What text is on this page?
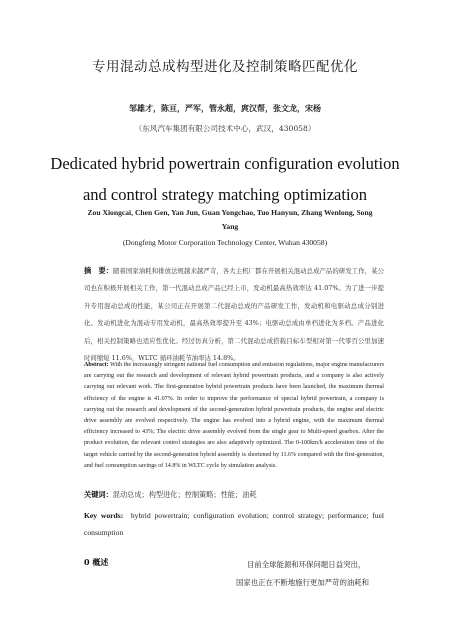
专用混动总成构型进化及控制策略匹配优化
邹雄才，陈亘，严军，管永超，庹汉帮，张文龙，宋杨
（东风汽车集团有限公司技术中心，武汉，430058）
Dedicated hybrid powertrain configuration evolution and control strategy matching optimization
Zou Xiongcai, Chen Gen, Yan Jun, Guan Yongchao, Tuo Hanyun, Zhang Wenlong, Song Yang
(Dongfeng Motor Corporation Technology Center, Wuhan 430058)
摘　要：随着国家油耗和排放法规越来越严苛，各大主机厂都在开展相关混动总成产品的研发工作，某公司也在积极开展相关工作，第一代混动总成产品已经上市，发动机最高热效率达 41.07%。为了进一步提升专用混动总成的性能，某公司正在开展第二代混动总成的产品研发工作，发动机和电驱动总成分别进化。发动机进化为混动专用发动机，最高热效率提升至 43%；电驱动总成由单档进化为多档。产品进化后，相关控制策略也适应性优化。经过仿真分析，第二代混动总成搭载目标车型相对第一代零百公里加速时间缩短 11.6%，WLTC 循环油耗节油率达 14.8%。
Abstract: With the increasingly stringent national fuel consumption and emission regulations, major engine manufacturers are carrying out the research and development of relevant hybrid powertrain products, and a company is also actively carrying out relevant work. The first-generation hybrid powertrain products have been launched, the maximum thermal efficiency of the engine is 41.07%. In order to improve the performance of special hybrid powertrain, a company is carrying out the research and development of the second-generation hybrid powertrain products, the engine and electric drive assembly are evolved respectively. The engine has evolved into a hybrid engine, with the maximum thermal efficiency increased to 43%; The electric drive assembly evolved from the single gear to Multi-speed gearbox. After the product evolution, the relevant control strategies are also adaptively optimized. The 0-100km/h acceleration time of the target vehicle carried by the second-generation hybrid assembly is shortened by 11.6% compared with the first-generation, and fuel consumption savings of 14.8% in WLTC cycle by simulation analysis.
关键词：混动总成；构型进化；控制策略；性能；油耗
Key words: hybrid powertrain; configuration evolution; control strategy; performance; fuel consumption
0 概述	目前全球能源和环保问题日益突出，
国家也正在不断地施行更加严苛的油耗和
